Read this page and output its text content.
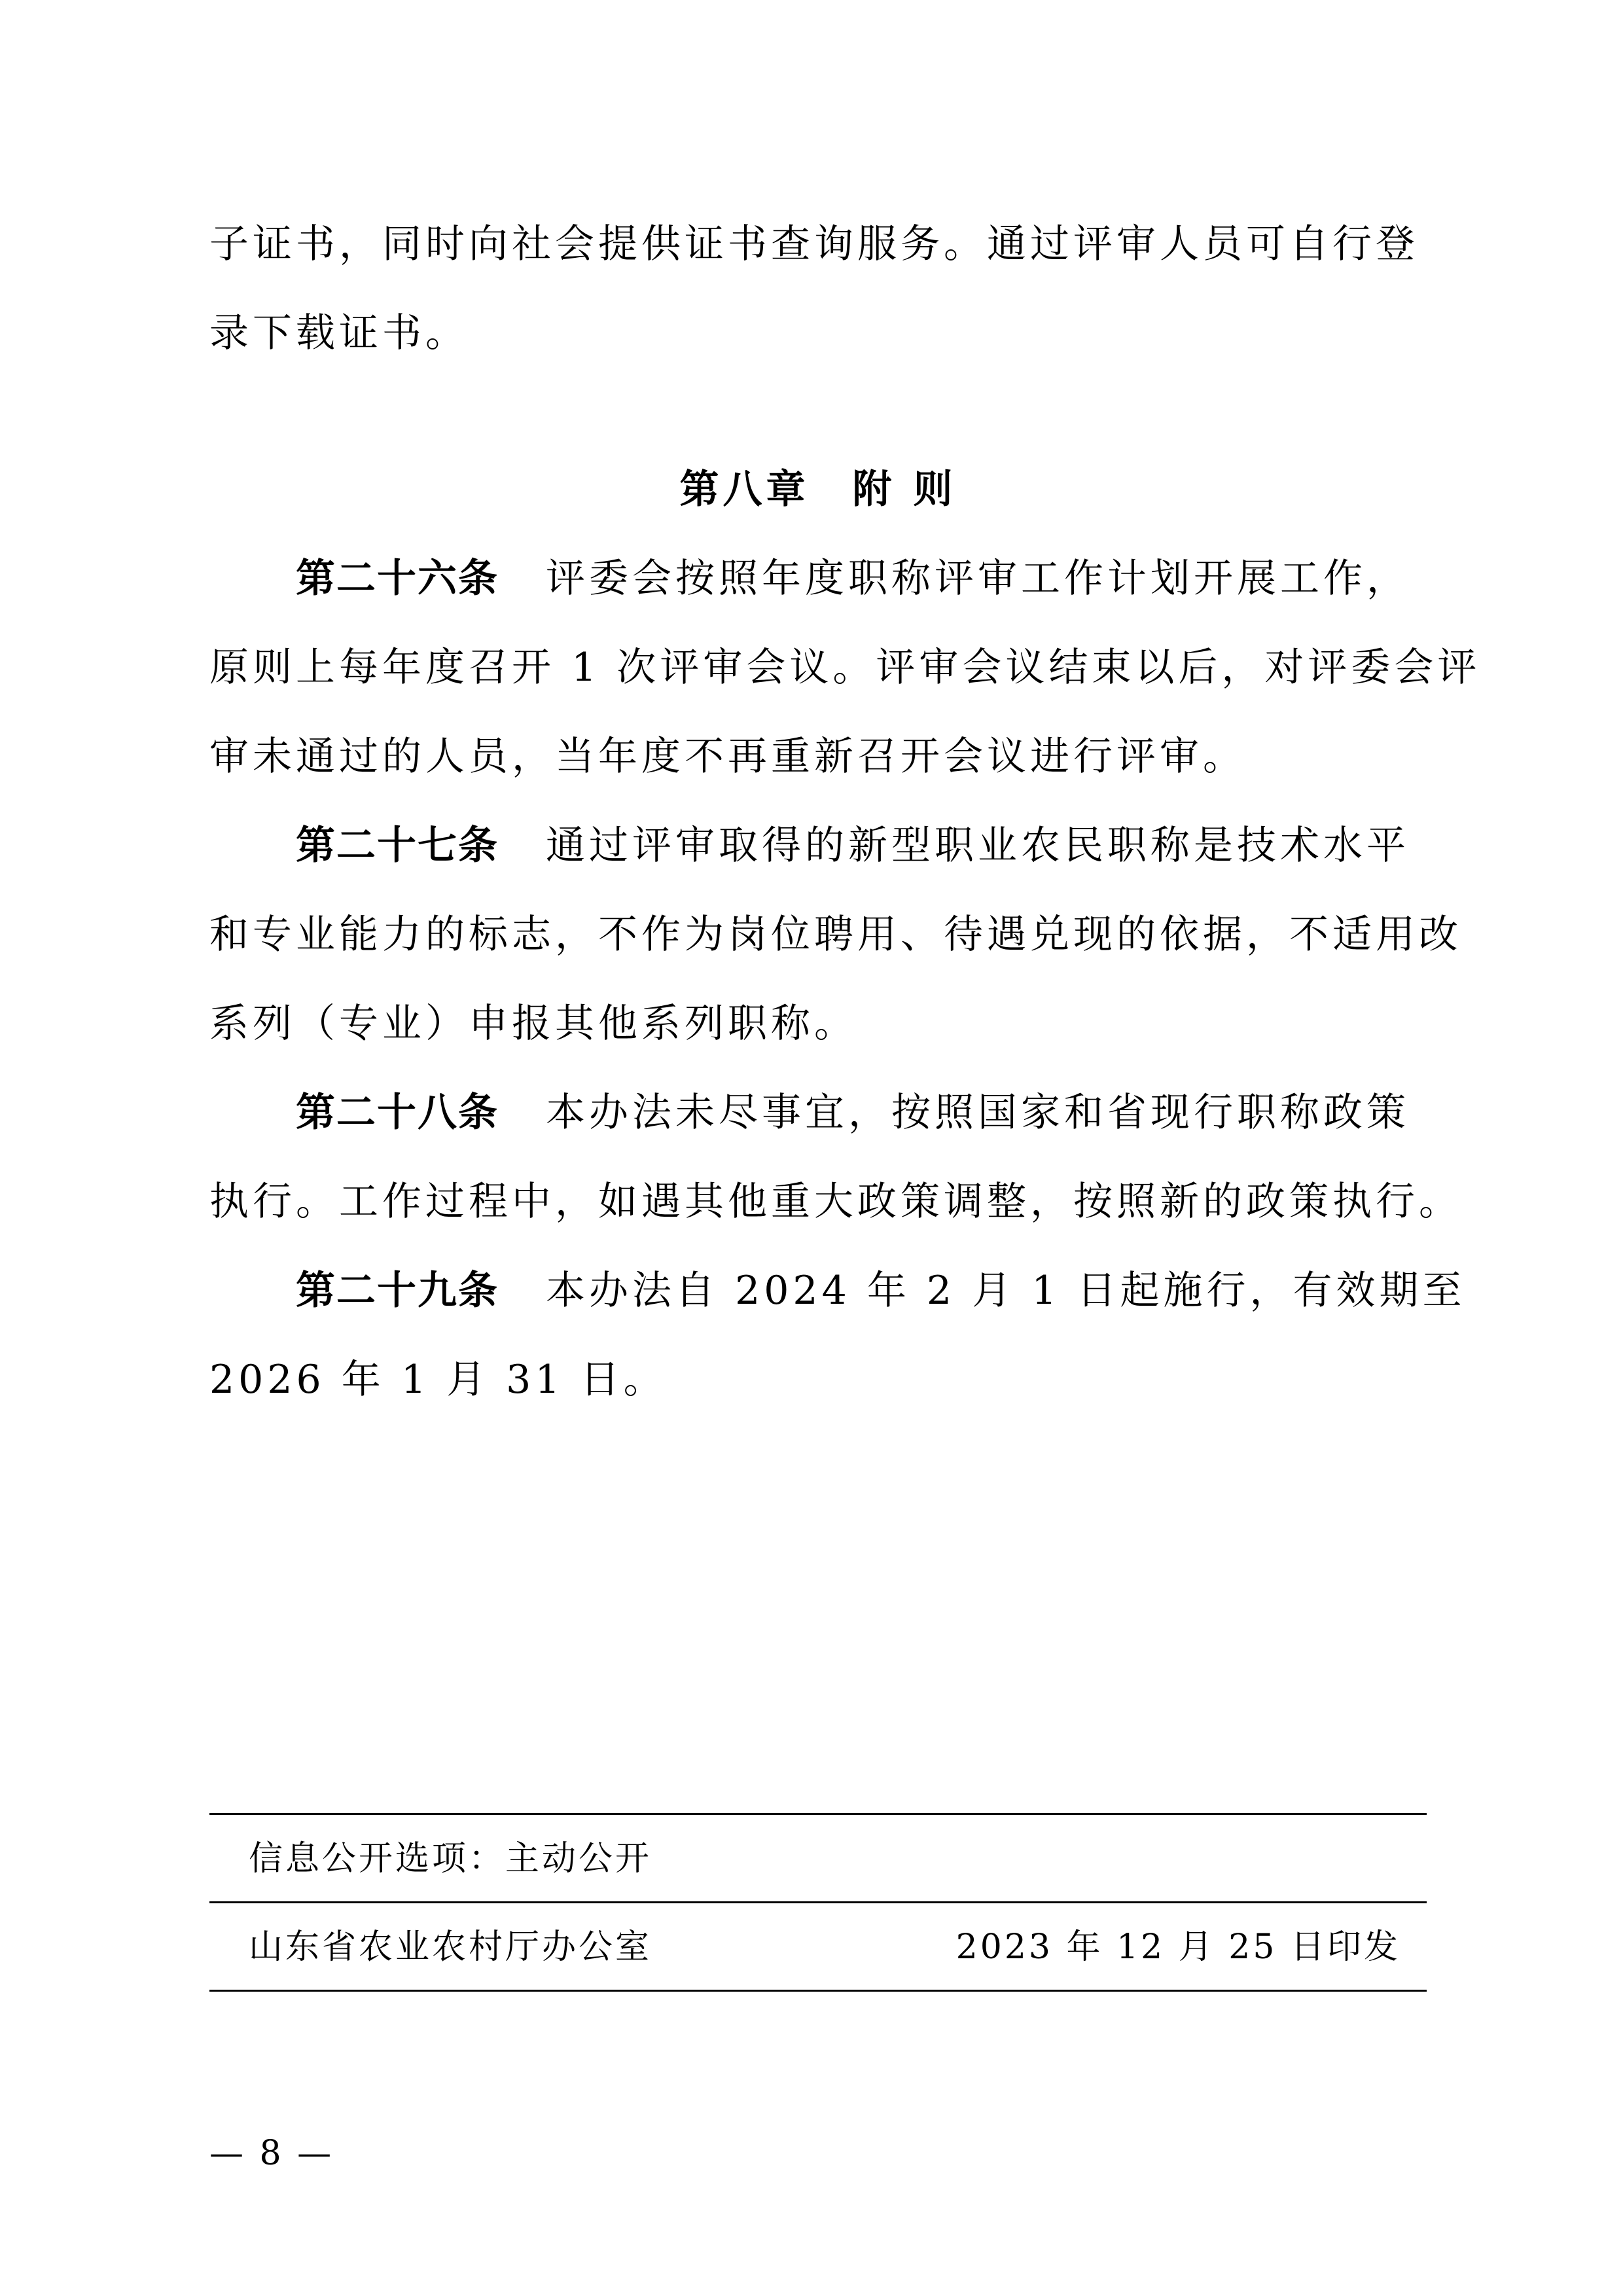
子证书，同时向社会提供证书查询服务。通过评审人员可自行登
录下载证书。
第八章　附 则
第二十六条 评委会按照年度职称评审工作计划开展工作，
原则上每年度召开 1 次评审会议。评审会议结束以后，对评委会评
审未通过的人员，当年度不再重新召开会议进行评审。
第二十七条 通过评审取得的新型职业农民职称是技术水平
和专业能力的标志，不作为岗位聘用、待遇兑现的依据，不适用改
系列（专业）申报其他系列职称。
第二十八条 本办法未尽事宜，按照国家和省现行职称政策
执行。工作过程中，如遇其他重大政策调整，按照新的政策执行。
第二十九条 本办法自 2024 年 2 月 1 日起施行，有效期至
2026 年 1 月 31 日。
信息公开选项：主动公开
山东省农业农村厅办公室	2023 年 12 月 25 日印发
— 8 —
